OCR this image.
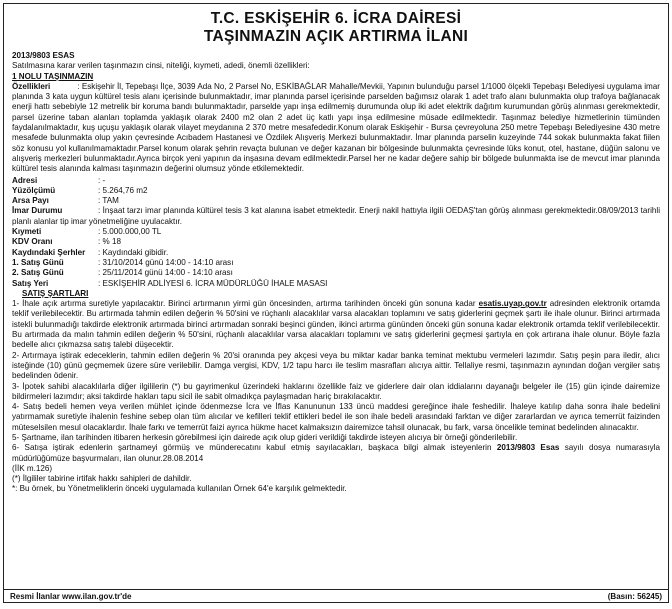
T.C. ESKİŞEHİR 6. İCRA DAİRESİ
TAŞINMAZIN AÇIK ARTIRMA İLANI

2013/9803 ESAS

Satılmasına karar verilen taşınmazın cinsi, niteliği, kıymeti, adedi, önemli özellikleri:

1 NOLU TAŞINMAZIN

Özellikleri	: Eskişehir İl, Tepebaşı İlçe, 3039 Ada No, 2 Parsel No, ESKİBAĞLAR Mahalle/Mevkii, Yapının bulunduğu parsel 1/1000 ölçekli Tepebaşı Belediyesi uygulama imar planında 3 kata uygun kültürel tesis alanı içerisinde bulunmaktadır, imar planında parsel içerisinde parselden bağımsız olarak 1 adet trafo alanı bulunmakta olup trafoya bağlanacak enerji hattı sebebiyle 12 metrelik bir koruma bandı bulunmaktadır, parselde yapı inşa edilmemiş durumunda olup iki adet elektrik dağıtım kurumundan görüş alınması gerekmektedir, parsel üzerine taban alanları toplamda yaklaşık olarak 2400 m2 olan 2 adet üç katlı yapı inşa edilmesine müsade edilmektedir. Taşınmaz belediye hizmetlerinin tümünden faydalanılmaktadır, kuş uçuşu yaklaşık olarak vilayet meydanına 2 370 metre mesafededir.Konum olarak Eskişehir - Bursa çevreyoluna 250 metre Tepebaşı Belediyesine 430 metre mesafede bulunmakta olup yakın çevresinde Acıbadem Hastanesi ve Özdilek Alışveriş Merkezi bulunmaktadır. İmar planında parselin kuzeyinde 744 sokak bulunmakta fakat fiilen söz konusu yol kullanılmamaktadır.Parsel konum olarak şehrin revaçta bulunan ve değer kazanan bir bölgesinde bulunmakta çevresinde lüks konut, otel, hastane, düğün salonu ve alışveriş merkezleri bulunmaktadır.Ayrıca birçok yeni yapının da inşasına devam edilmektedir.Parsel her ne kadar değere sahip bir bölgede bulunmakta ise de mevcut imar planında kültürel tesis alanında kalması taşınmazın değerini olumsuz yönde etkilemektedir.

Adresi	: -
Yüzölçümü	: 5.264,76 m2
Arsa Payı	: TAM

İmar Durumu	: İnşaat tarzı imar planında kültürel tesis 3 kat alanına isabet etmektedir. Enerji nakil hattıyla ilgili OEDAŞ'tan görüş alınması gerekmektedir.08/09/2013 tarihli planlı alanlar tip imar yönetmeliğine uyulacaktır.

Kıymeti	: 5.000.000,00 TL
KDV Oranı	: % 18
Kaydındaki Şerhler	: Kaydındaki gibidir.
1. Satış Günü	: 31/10/2014 günü 14:00 - 14:10 arası
2. Satış Günü	: 25/11/2014 günü 14:00 - 14:10 arası
Satış Yeri	: ESKİŞEHİR ADLİYESİ 6. İCRA MÜDÜRLÜĞÜ İHALE MASASI

SATIŞ ŞARTLARI

1- İhale açık artırma suretiyle yapılacaktır. Birinci artırmanın yirmi gün öncesinden, artırma tarihinden önceki gün sonuna kadar esatis.uyap.gov.tr adresinden elektronik ortamda teklif verilebilecektir. Bu artırmada tahmin edilen değerin % 50'sini ve rüçhanlı alacaklılar varsa alacakları toplamını ve satış giderlerini geçmek şartı ile ihale olunur. Birinci artırmada istekli bulunmadığı takdirde elektronik artırmada birinci artırmadan sonraki beşinci günden, ikinci artırma gününden önceki gün sonuna kadar elektronik ortamda teklif verilebilecektir. Bu artırmada da malın tahmin edilen değerin % 50'sini, rüçhanlı alacaklılar varsa alacakları toplamını ve satış giderlerini geçmesi şartıyla en çok artırana ihale olunur. Böyle fazla bedelle alıcı çıkmazsa satış talebi düşecektir.

2- Artırmaya iştirak edeceklerin, tahmin edilen değerin % 20'si oranında pey akçesi veya bu miktar kadar banka teminat mektubu vermeleri lazımdır. Satış peşin para iledir, alıcı isteğinde (10) günü geçmemek üzere süre verilebilir. Damga vergisi, KDV, 1/2 tapu harcı ile teslim masrafları alıcıya aittir. Tellaliye resmi, taşınmazın aynından doğan vergiler satış bedelinden ödenir.

3- İpotek sahibi alacaklılarla diğer ilgililerin (*) bu gayrimenkul üzerindeki haklarını özellikle faiz ve giderlere dair olan iddialarını dayanağı belgeler ile (15) gün içinde dairemize bildirmeleri lazımdır; aksi takdirde hakları tapu sicil ile sabit olmadıkça paylaşmadan hariç bırakılacaktır.

4- Satış bedeli hemen veya verilen mühlet içinde ödenmezse İcra ve İflas Kanununun 133 üncü maddesi gereğince ihale feshedilir. İhaleye katılıp daha sonra ihale bedelini yatırmamak suretiyle ihalenin feshine sebep olan tüm alıcılar ve kefilleri teklif ettikleri bedel ile son ihale bedeli arasındaki farktan ve diğer zararlardan ve ayrıca temerrüt faizinden müteselsilen mesul olacaklardır. İhale farkı ve temerrüt faizi ayrıca hükme hacet kalmaksızın dairemizce tahsil olunacak, bu fark, varsa öncelikle teminat bedelinden alınacaktır.

5- Şartname, ilan tarihinden itibaren herkesin görebilmesi için dairede açık olup gideri verildiği takdirde isteyen alıcıya bir örneği gönderilebilir.

6- Satışa iştirak edenlerin şartnameyi görmüş ve münderecatını kabul etmiş sayılacakları, başkaca bilgi almak isteyenlerin 2013/9803 Esas sayılı dosya numarasıyla müdürlüğümüze başvurmaları, ilan olunur.28.08.2014

(İİK m.126)

(*) İlgililer tabirine irtifak hakkı sahipleri de dahildir.

*: Bu örnek, bu Yönetmeliklerin önceki uygulamada kullanılan Örnek 64'e karşılık gelmektedir.

Resmi İlanlar www.ilan.gov.tr'de	(Basın: 56245)
